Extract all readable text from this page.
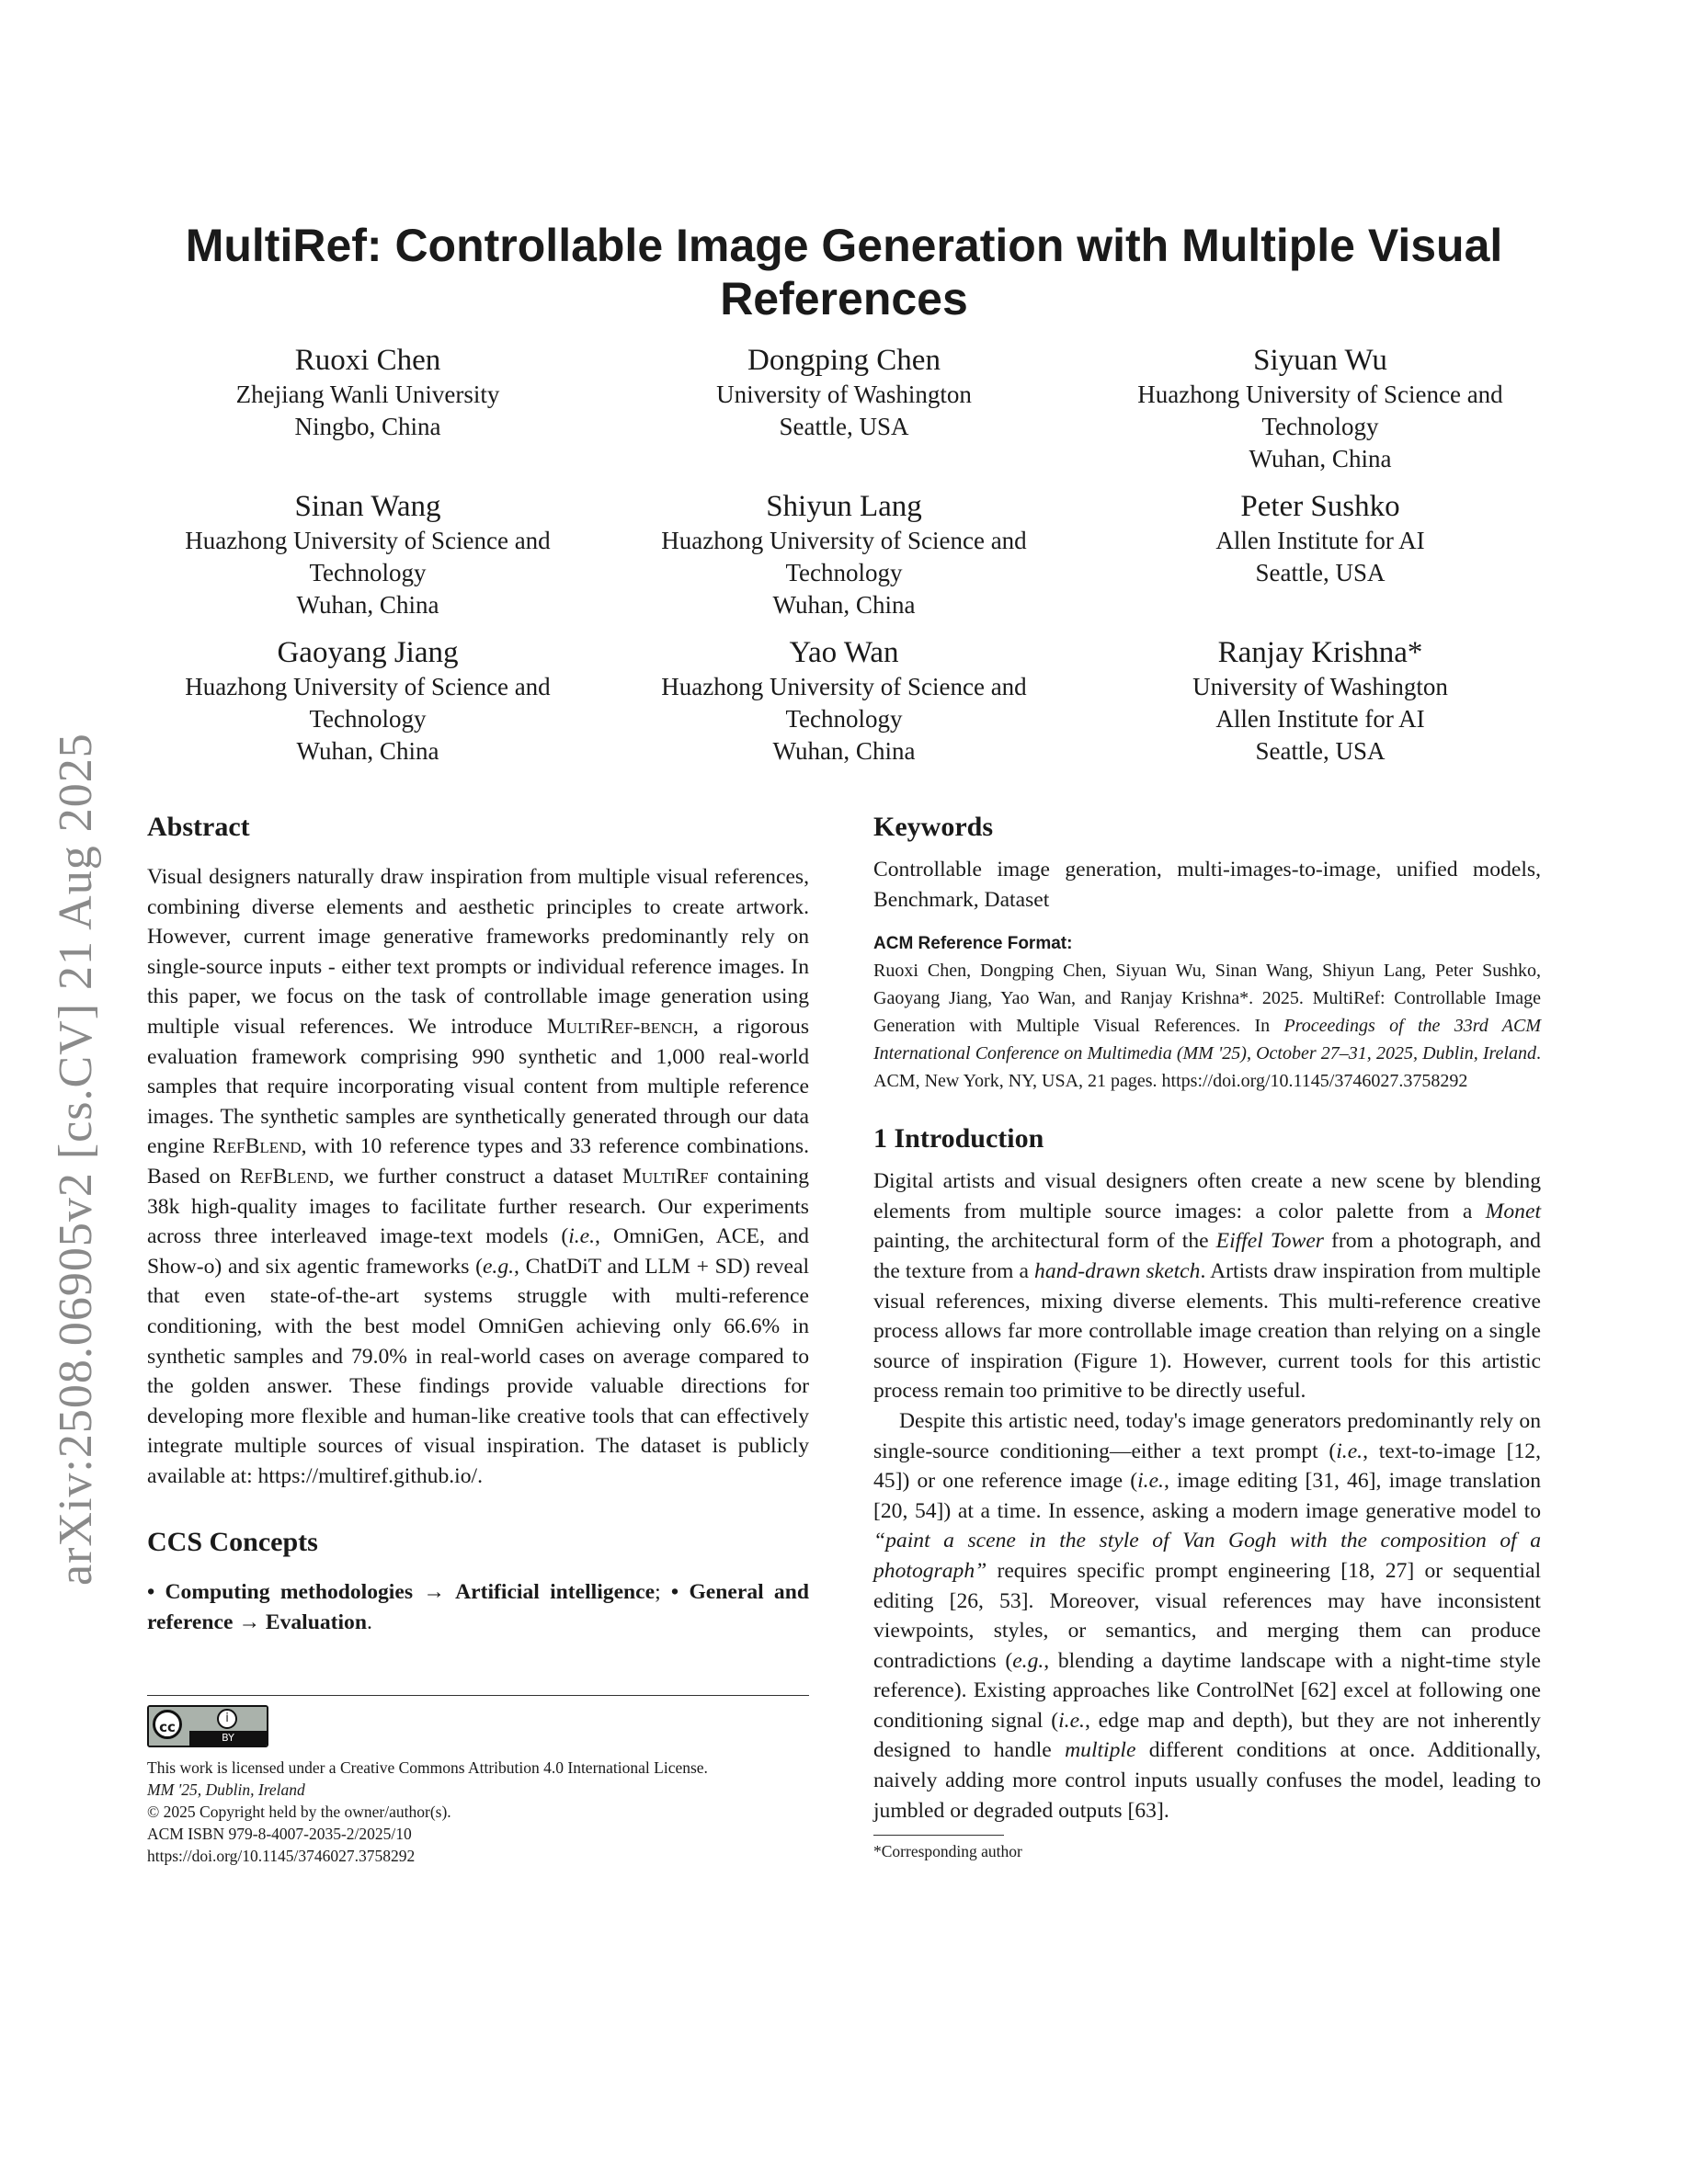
arXiv:2508.06905v2 [cs.CV] 21 Aug 2025
MultiRef: Controllable Image Generation with Multiple Visual References
Ruoxi Chen
Zhejiang Wanli University
Ningbo, China
Dongping Chen
University of Washington
Seattle, USA
Siyuan Wu
Huazhong University of Science and
Technology
Wuhan, China
Sinan Wang
Huazhong University of Science and
Technology
Wuhan, China
Shiyun Lang
Huazhong University of Science and
Technology
Wuhan, China
Peter Sushko
Allen Institute for AI
Seattle, USA
Gaoyang Jiang
Huazhong University of Science and
Technology
Wuhan, China
Yao Wan
Huazhong University of Science and
Technology
Wuhan, China
Ranjay Krishna*
University of Washington
Allen Institute for AI
Seattle, USA
Abstract

Visual designers naturally draw inspiration from multiple visual references, combining diverse elements and aesthetic principles to create artwork. However, current image generative frameworks predominantly rely on single-source inputs - either text prompts or individual reference images. In this paper, we focus on the task of controllable image generation using multiple visual references. We introduce MultiRef-bench, a rigorous evaluation framework comprising 990 synthetic and 1,000 real-world samples that require incorporating visual content from multiple reference images. The synthetic samples are synthetically generated through our data engine RefBlend, with 10 reference types and 33 reference combinations. Based on RefBlend, we further construct a dataset MultiRef containing 38k high-quality images to facilitate further research. Our experiments across three interleaved image-text models (i.e., OmniGen, ACE, and Show-o) and six agentic frameworks (e.g., ChatDiT and LLM + SD) reveal that even state-of-the-art systems struggle with multi-reference conditioning, with the best model OmniGen achieving only 66.6% in synthetic samples and 79.0% in real-world cases on average compared to the golden answer. These findings provide valuable directions for developing more flexible and human-like creative tools that can effectively integrate multiple sources of visual inspiration. The dataset is publicly available at: https://multiref.github.io/.

CCS Concepts
• Computing methodologies → Artificial intelligence; • General and reference → Evaluation.
cc
i
BY
This work is licensed under a Creative Commons Attribution 4.0 International License.
MM '25, Dublin, Ireland
© 2025 Copyright held by the owner/author(s).
ACM ISBN 979-8-4007-2035-2/2025/10
https://doi.org/10.1145/3746027.3758292
Keywords

Controllable image generation, multi-images-to-image, unified models, Benchmark, Dataset

ACM Reference Format:
Ruoxi Chen, Dongping Chen, Siyuan Wu, Sinan Wang, Shiyun Lang, Peter Sushko, Gaoyang Jiang, Yao Wan, and Ranjay Krishna*. 2025. MultiRef: Controllable Image Generation with Multiple Visual References. In Proceedings of the 33rd ACM International Conference on Multimedia (MM '25), October 27–31, 2025, Dublin, Ireland. ACM, New York, NY, USA, 21 pages. https://doi.org/10.1145/3746027.3758292
1 Introduction

Digital artists and visual designers often create a new scene by blending elements from multiple source images: a color palette from a Monet painting, the architectural form of the Eiffel Tower from a photograph, and the texture from a hand-drawn sketch. Artists draw inspiration from multiple visual references, mixing diverse elements. This multi-reference creative process allows far more controllable image creation than relying on a single source of inspiration (Figure 1). However, current tools for this artistic process remain too primitive to be directly useful.

Despite this artistic need, today's image generators predominantly rely on single-source conditioning—either a text prompt (i.e., text-to-image [12, 45]) or one reference image (i.e., image editing [31, 46], image translation [20, 54]) at a time. In essence, asking a modern image generative model to “paint a scene in the style of Van Gogh with the composition of a photograph” requires specific prompt engineering [18, 27] or sequential editing [26, 53]. Moreover, visual references may have inconsistent viewpoints, styles, or semantics, and merging them can produce contradictions (e.g., blending a daytime landscape with a night-time style reference). Existing approaches like ControlNet [62] excel at following one conditioning signal (i.e., edge map and depth), but they are not inherently designed to handle multiple different conditions at once. Additionally, naively adding more control inputs usually confuses the model, leading to jumbled or degraded outputs [63].

*Corresponding author
